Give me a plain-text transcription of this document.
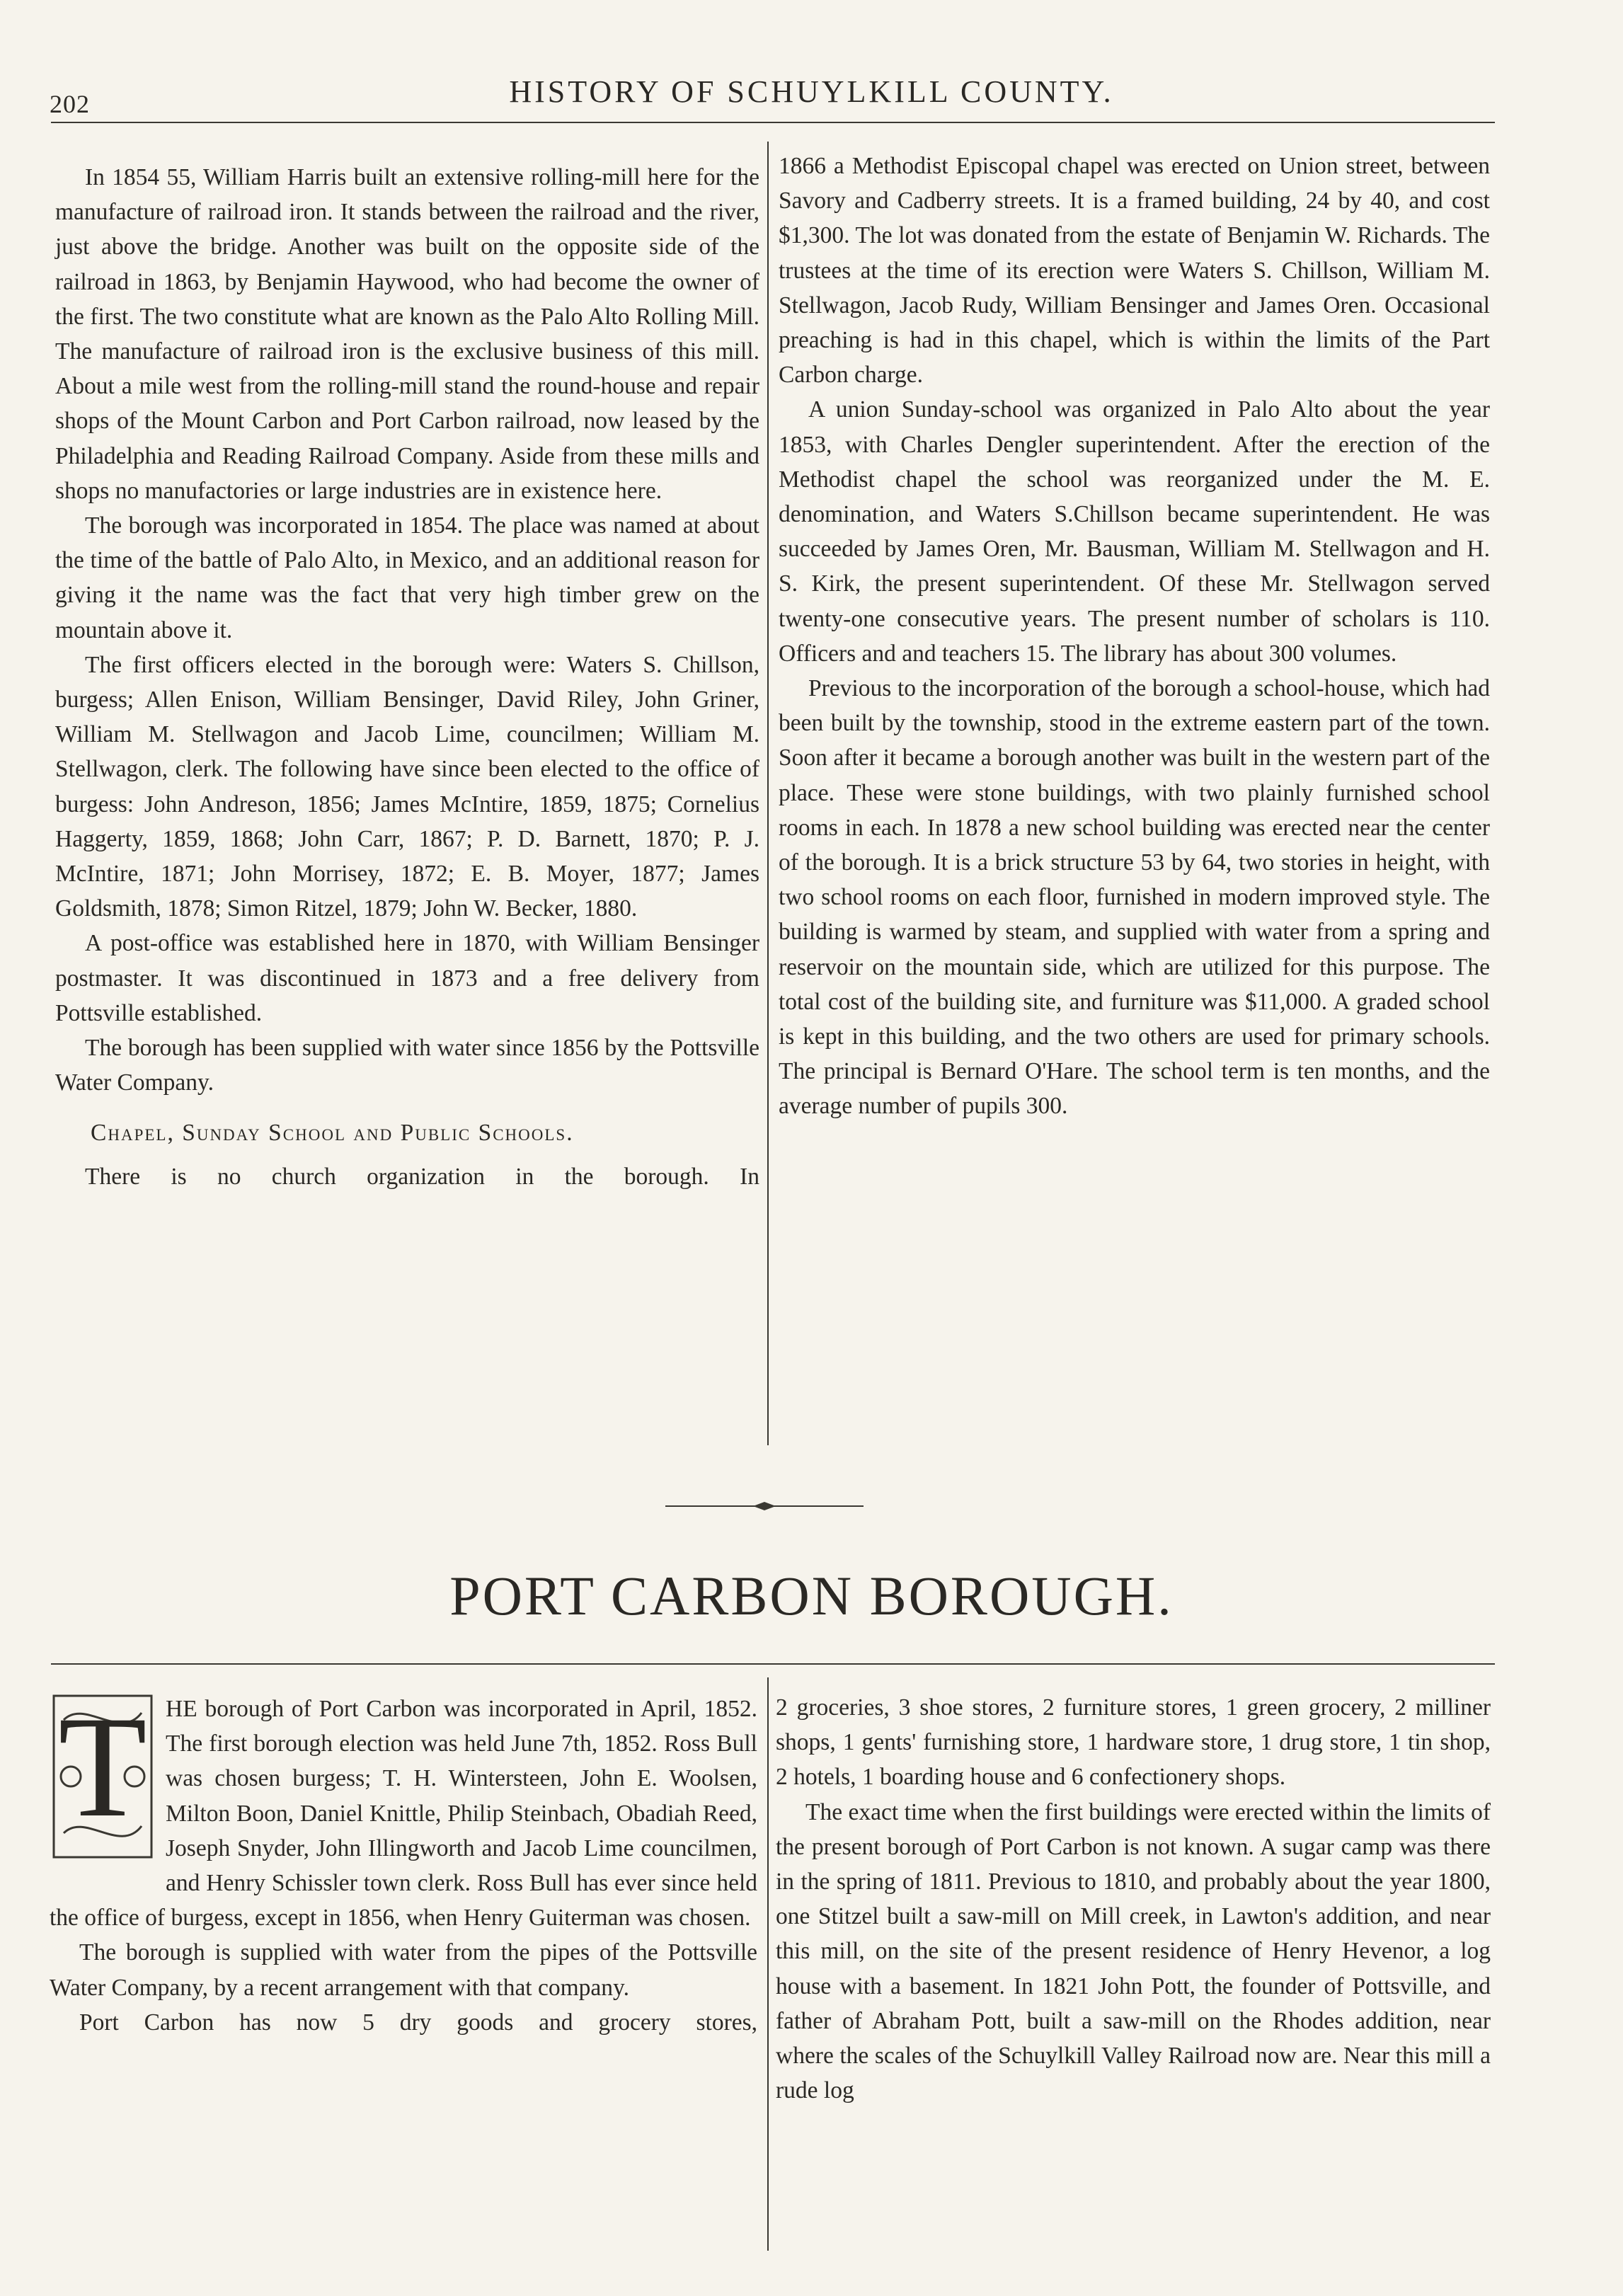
202	HISTORY OF SCHUYLKILL COUNTY.

In 1854 55, William Harris built an extensive rolling-mill here for the manufacture of railroad iron. It stands between the railroad and the river, just above the bridge. Another was built on the opposite side of the railroad in 1863, by Benjamin Haywood, who had become the owner of the first. The two constitute what are known as the Palo Alto Rolling Mill. The manufacture of railroad iron is the exclusive business of this mill. About a mile west from the rolling-mill stand the round-house and repair shops of the Mount Carbon and Port Carbon railroad, now leased by the Philadelphia and Reading Railroad Company. Aside from these mills and shops no manufactories or large industries are in existence here.

The borough was incorporated in 1854. The place was named at about the time of the battle of Palo Alto, in Mexico, and an additional reason for giving it the name was the fact that very high timber grew on the mountain above it.

The first officers elected in the borough were: Waters S. Chillson, burgess; Allen Enison, William Bensinger, David Riley, John Griner, William M. Stellwagon and Jacob Lime, councilmen; William M. Stellwagon, clerk. The following have since been elected to the office of burgess: John Andreson, 1856; James McIntire, 1859, 1875; Cornelius Haggerty, 1859, 1868; John Carr, 1867; P. D. Barnett, 1870; P. J. McIntire, 1871; John Morrisey, 1872; E. B. Moyer, 1877; James Goldsmith, 1878; Simon Ritzel, 1879; John W. Becker, 1880.

A post-office was established here in 1870, with William Bensinger postmaster. It was discontinued in 1873 and a free delivery from Pottsville established.

The borough has been supplied with water since 1856 by the Pottsville Water Company.

Chapel, Sunday School and Public Schools.

There is no church organization in the borough. In

1866 a Methodist Episcopal chapel was erected on Union street, between Savory and Cadberry streets. It is a framed building, 24 by 40, and cost $1,300. The lot was donated from the estate of Benjamin W. Richards. The trustees at the time of its erection were Waters S. Chillson, William M. Stellwagon, Jacob Rudy, William Bensinger and James Oren. Occasional preaching is had in this chapel, which is within the limits of the Part Carbon charge.

A union Sunday-school was organized in Palo Alto about the year 1853, with Charles Dengler superintendent. After the erection of the Methodist chapel the school was reorganized under the M. E. denomination, and Waters S.Chillson became superintendent. He was succeeded by James Oren, Mr. Bausman, William M. Stellwagon and H. S. Kirk, the present superintendent. Of these Mr. Stellwagon served twenty-one consecutive years. The present number of scholars is 110. Officers and and teachers 15. The library has about 300 volumes.

Previous to the incorporation of the borough a school-house, which had been built by the township, stood in the extreme eastern part of the town. Soon after it became a borough another was built in the western part of the place. These were stone buildings, with two plainly furnished school rooms in each. In 1878 a new school building was erected near the center of the borough. It is a brick structure 53 by 64, two stories in height, with two school rooms on each floor, furnished in modern improved style. The building is warmed by steam, and supplied with water from a spring and reservoir on the mountain side, which are utilized for this purpose. The total cost of the building site, and furniture was $11,000. A graded school is kept in this building, and the two others are used for primary schools. The principal is Bernard O'Hare. The school term is ten months, and the average number of pupils 300.

PORT CARBON BOROUGH.
T HE borough of Port Carbon was incorporated in April, 1852. The first borough election was held June 7th, 1852. Ross Bull was chosen burgess; T. H. Wintersteen, John E. Woolsen, Milton Boon, Daniel Knittle, Philip Steinbach, Obadiah Reed, Joseph Snyder, John Illingworth and Jacob Lime councilmen, and Henry Schissler town clerk. Ross Bull has ever since held the office of burgess, except in 1856, when Henry Guiterman was chosen.

The borough is supplied with water from the pipes of the Pottsville Water Company, by a recent arrangement with that company.

Port Carbon has now 5 dry goods and grocery stores,

2 groceries, 3 shoe stores, 2 furniture stores, 1 green grocery, 2 milliner shops, 1 gents' furnishing store, 1 hardware store, 1 drug store, 1 tin shop, 2 hotels, 1 boarding house and 6 confectionery shops.

The exact time when the first buildings were erected within the limits of the present borough of Port Carbon is not known. A sugar camp was there in the spring of 1811. Previous to 1810, and probably about the year 1800, one Stitzel built a saw-mill on Mill creek, in Lawton's addition, and near this mill, on the site of the present residence of Henry Hevenor, a log house with a basement. In 1821 John Pott, the founder of Pottsville, and father of Abraham Pott, built a saw-mill on the Rhodes addition, near where the scales of the Schuylkill Valley Railroad now are. Near this mill a rude log
